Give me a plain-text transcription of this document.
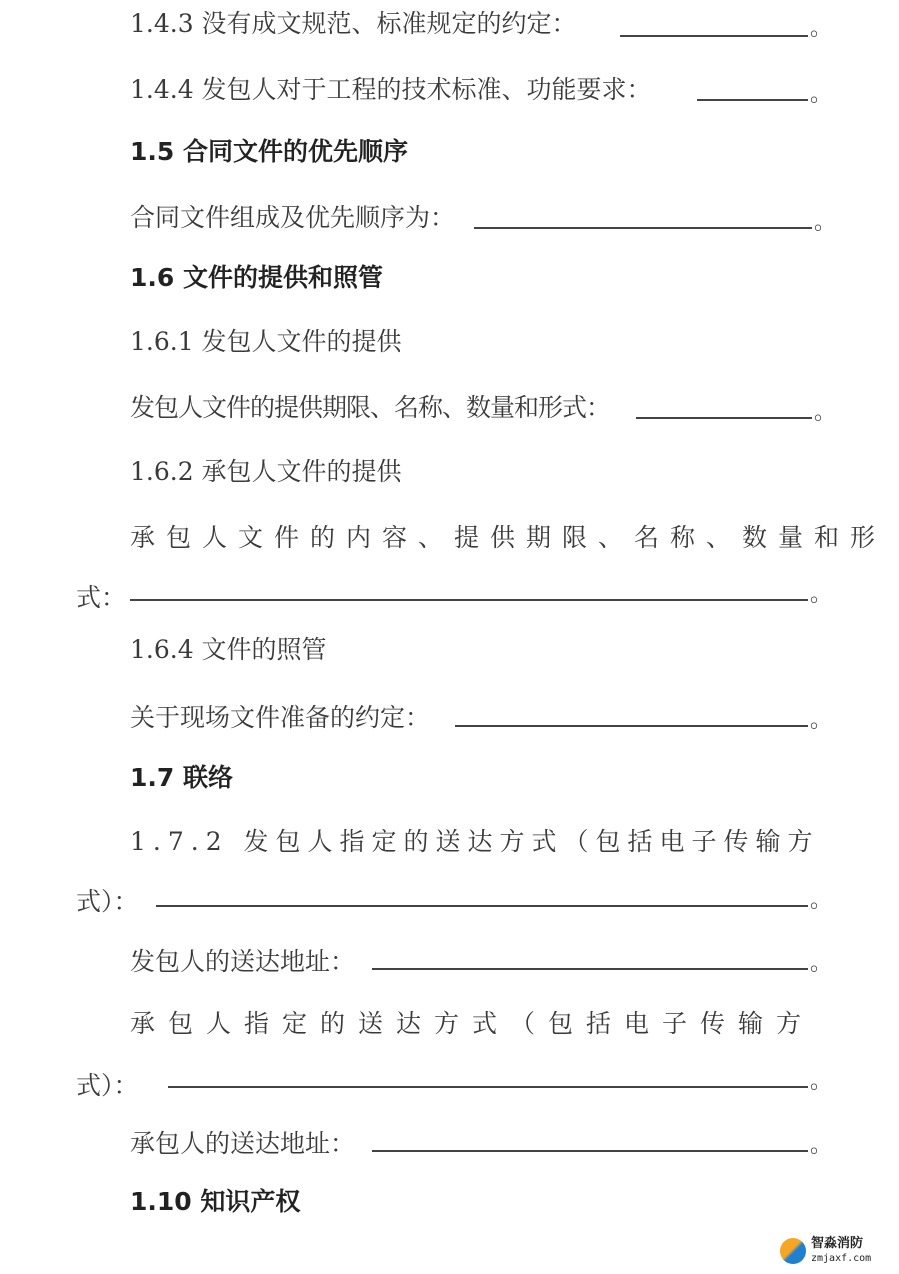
1.4.3 没有成文规范、标准规定的约定：	。
1.4.4 发包人对于工程的技术标准、功能要求：	。
1.5 合同文件的优先顺序
合同文件组成及优先顺序为：	。
1.6 文件的提供和照管
1.6.1 发包人文件的提供
发包人文件的提供期限、名称、数量和形式：	。
1.6.2 承包人文件的提供
承包人文件的内容、提供期限、名称、数量和形
式：	。
1.6.4 文件的照管
关于现场文件准备的约定：	。
1.7 联络
1.7.2 发包人指定的送达方式（包括电子传输方
式）：	。
发包人的送达地址：	。
承包人指定的送达方式（包括电子传输方
式）：	。
承包人的送达地址：	。
1.10 知识产权
智淼消防
zmjaxf.com
